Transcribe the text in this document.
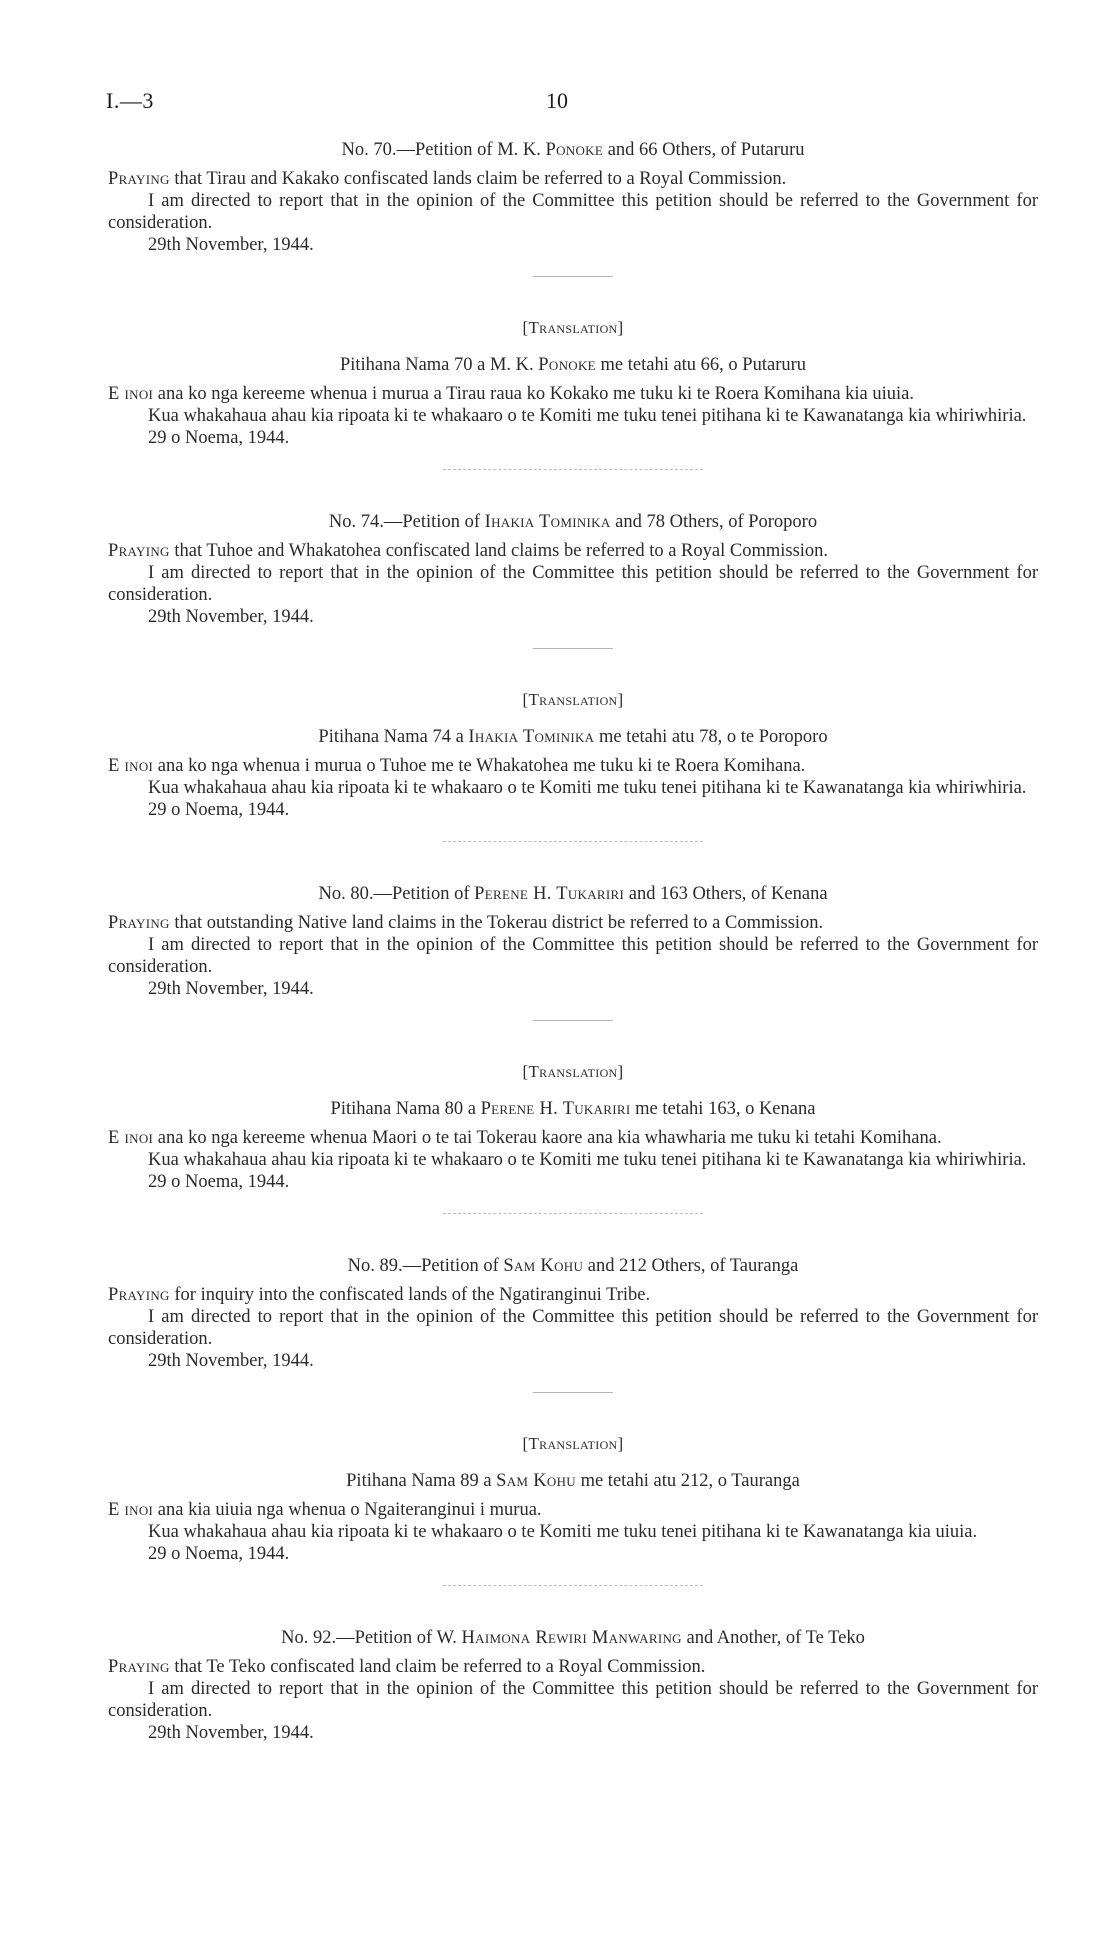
I.—3	10
No. 70.—Petition of M. K. Ponoke and 66 Others, of Putaruru

Praying that Tirau and Kakako confiscated lands claim be referred to a Royal Commission.

I am directed to report that in the opinion of the Committee this petition should be referred to the Government for consideration.

29th November, 1944.
[Translation]
Pitihana Nama 70 a M. K. Ponoke me tetahi atu 66, o Putaruru

E inoi ana ko nga kereeme whenua i murua a Tirau raua ko Kokako me tuku ki te Roera Komihana kia uiuia.

Kua whakahaua ahau kia ripoata ki te whakaaro o te Komiti me tuku tenei pitihana ki te Kawanatanga kia whiriwhiria.

29 o Noema, 1944.
No. 74.—Petition of Ihakia Tominika and 78 Others, of Poroporo

Praying that Tuhoe and Whakatohea confiscated land claims be referred to a Royal Commission.

I am directed to report that in the opinion of the Committee this petition should be referred to the Government for consideration.

29th November, 1944.
[Translation]
Pitihana Nama 74 a Ihakia Tominika me tetahi atu 78, o te Poroporo

E inoi ana ko nga whenua i murua o Tuhoe me te Whakatohea me tuku ki te Roera Komihana.

Kua whakahaua ahau kia ripoata ki te whakaaro o te Komiti me tuku tenei pitihana ki te Kawanatanga kia whiriwhiria.

29 o Noema, 1944.
No. 80.—Petition of Perene H. Tukariri and 163 Others, of Kenana

Praying that outstanding Native land claims in the Tokerau district be referred to a Commission.

I am directed to report that in the opinion of the Committee this petition should be referred to the Government for consideration.

29th November, 1944.
[Translation]
Pitihana Nama 80 a Perene H. Tukariri me tetahi 163, o Kenana

E inoi ana ko nga kereeme whenua Maori o te tai Tokerau kaore ana kia whawharia me tuku ki tetahi Komihana.

Kua whakahaua ahau kia ripoata ki te whakaaro o te Komiti me tuku tenei pitihana ki te Kawanatanga kia whiriwhiria.

29 o Noema, 1944.
No. 89.—Petition of Sam Kohu and 212 Others, of Tauranga

Praying for inquiry into the confiscated lands of the Ngatiranginui Tribe.

I am directed to report that in the opinion of the Committee this petition should be referred to the Government for consideration.

29th November, 1944.
[Translation]
Pitihana Nama 89 a Sam Kohu me tetahi atu 212, o Tauranga

E inoi ana kia uiuia nga whenua o Ngaiteranginui i murua.

Kua whakahaua ahau kia ripoata ki te whakaaro o te Komiti me tuku tenei pitihana ki te Kawanatanga kia uiuia.

29 o Noema, 1944.
No. 92.—Petition of W. Haimona Rewiri Manwaring and Another, of Te Teko

Praying that Te Teko confiscated land claim be referred to a Royal Commission.

I am directed to report that in the opinion of the Committee this petition should be referred to the Government for consideration.

29th November, 1944.
